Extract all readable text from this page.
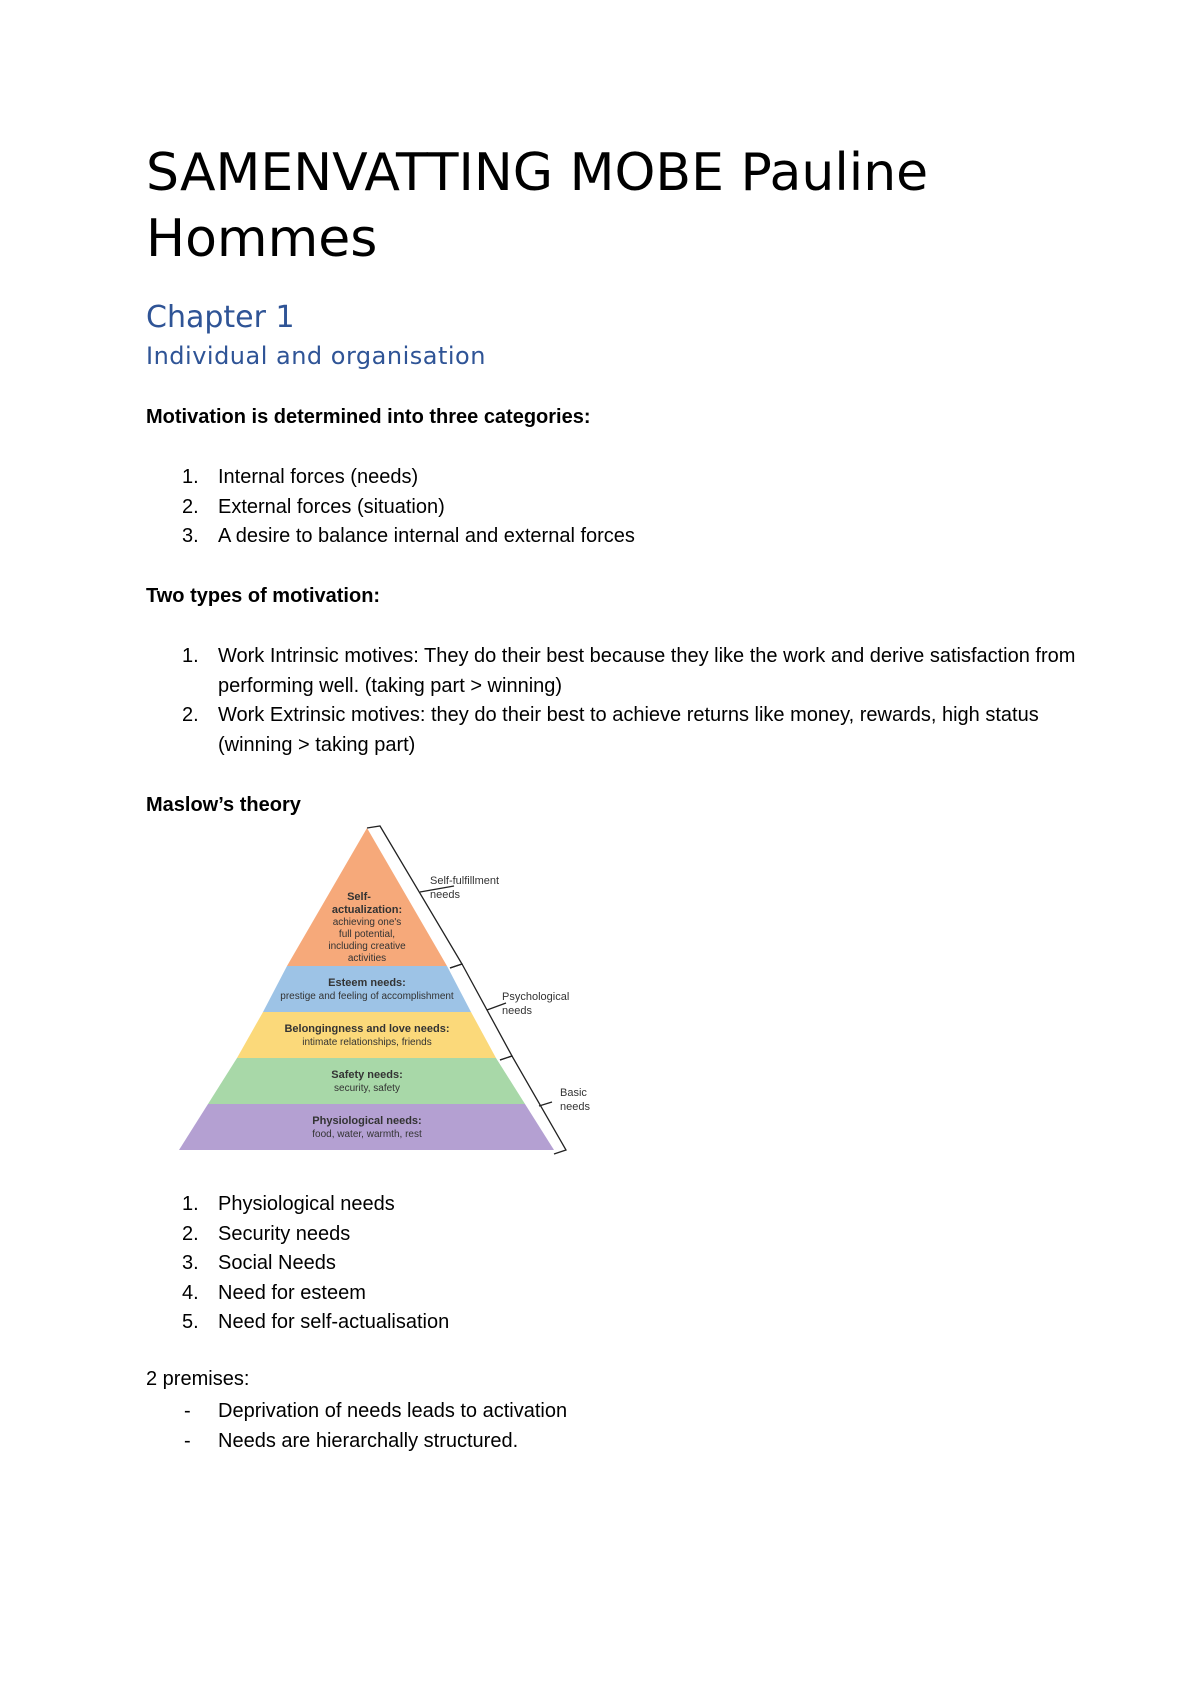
SAMENVATTING MOBE Pauline Hommes
Chapter 1
Individual and organisation

Motivation is determined into three categories:

1. Internal forces (needs)
2. External forces (situation)
3. A desire to balance internal and external forces

Two types of motivation:

1. Work Intrinsic motives: They do their best because they like the work and derive satisfaction from performing well. (taking part > winning)
2. Work Extrinsic motives: they do their best to achieve returns like money, rewards, high status (winning > taking part)

Maslow’s theory

Self-
actualization:
achieving one's
full potential,
including creative
activities
Esteem needs:
prestige and feeling of accomplishment
Belongingness and love needs:
intimate relationships, friends
Safety needs:
security, safety
Physiological needs:
food, water, warmth, rest
Self-fulfillment
needs
Psychological
needs
Basic
needs
1. Physiological needs
2. Security needs
3. Social Needs
4. Need for esteem
5. Need for self-actualisation

2 premises:

- Deprivation of needs leads to activation
- Needs are hierarchally structured.
